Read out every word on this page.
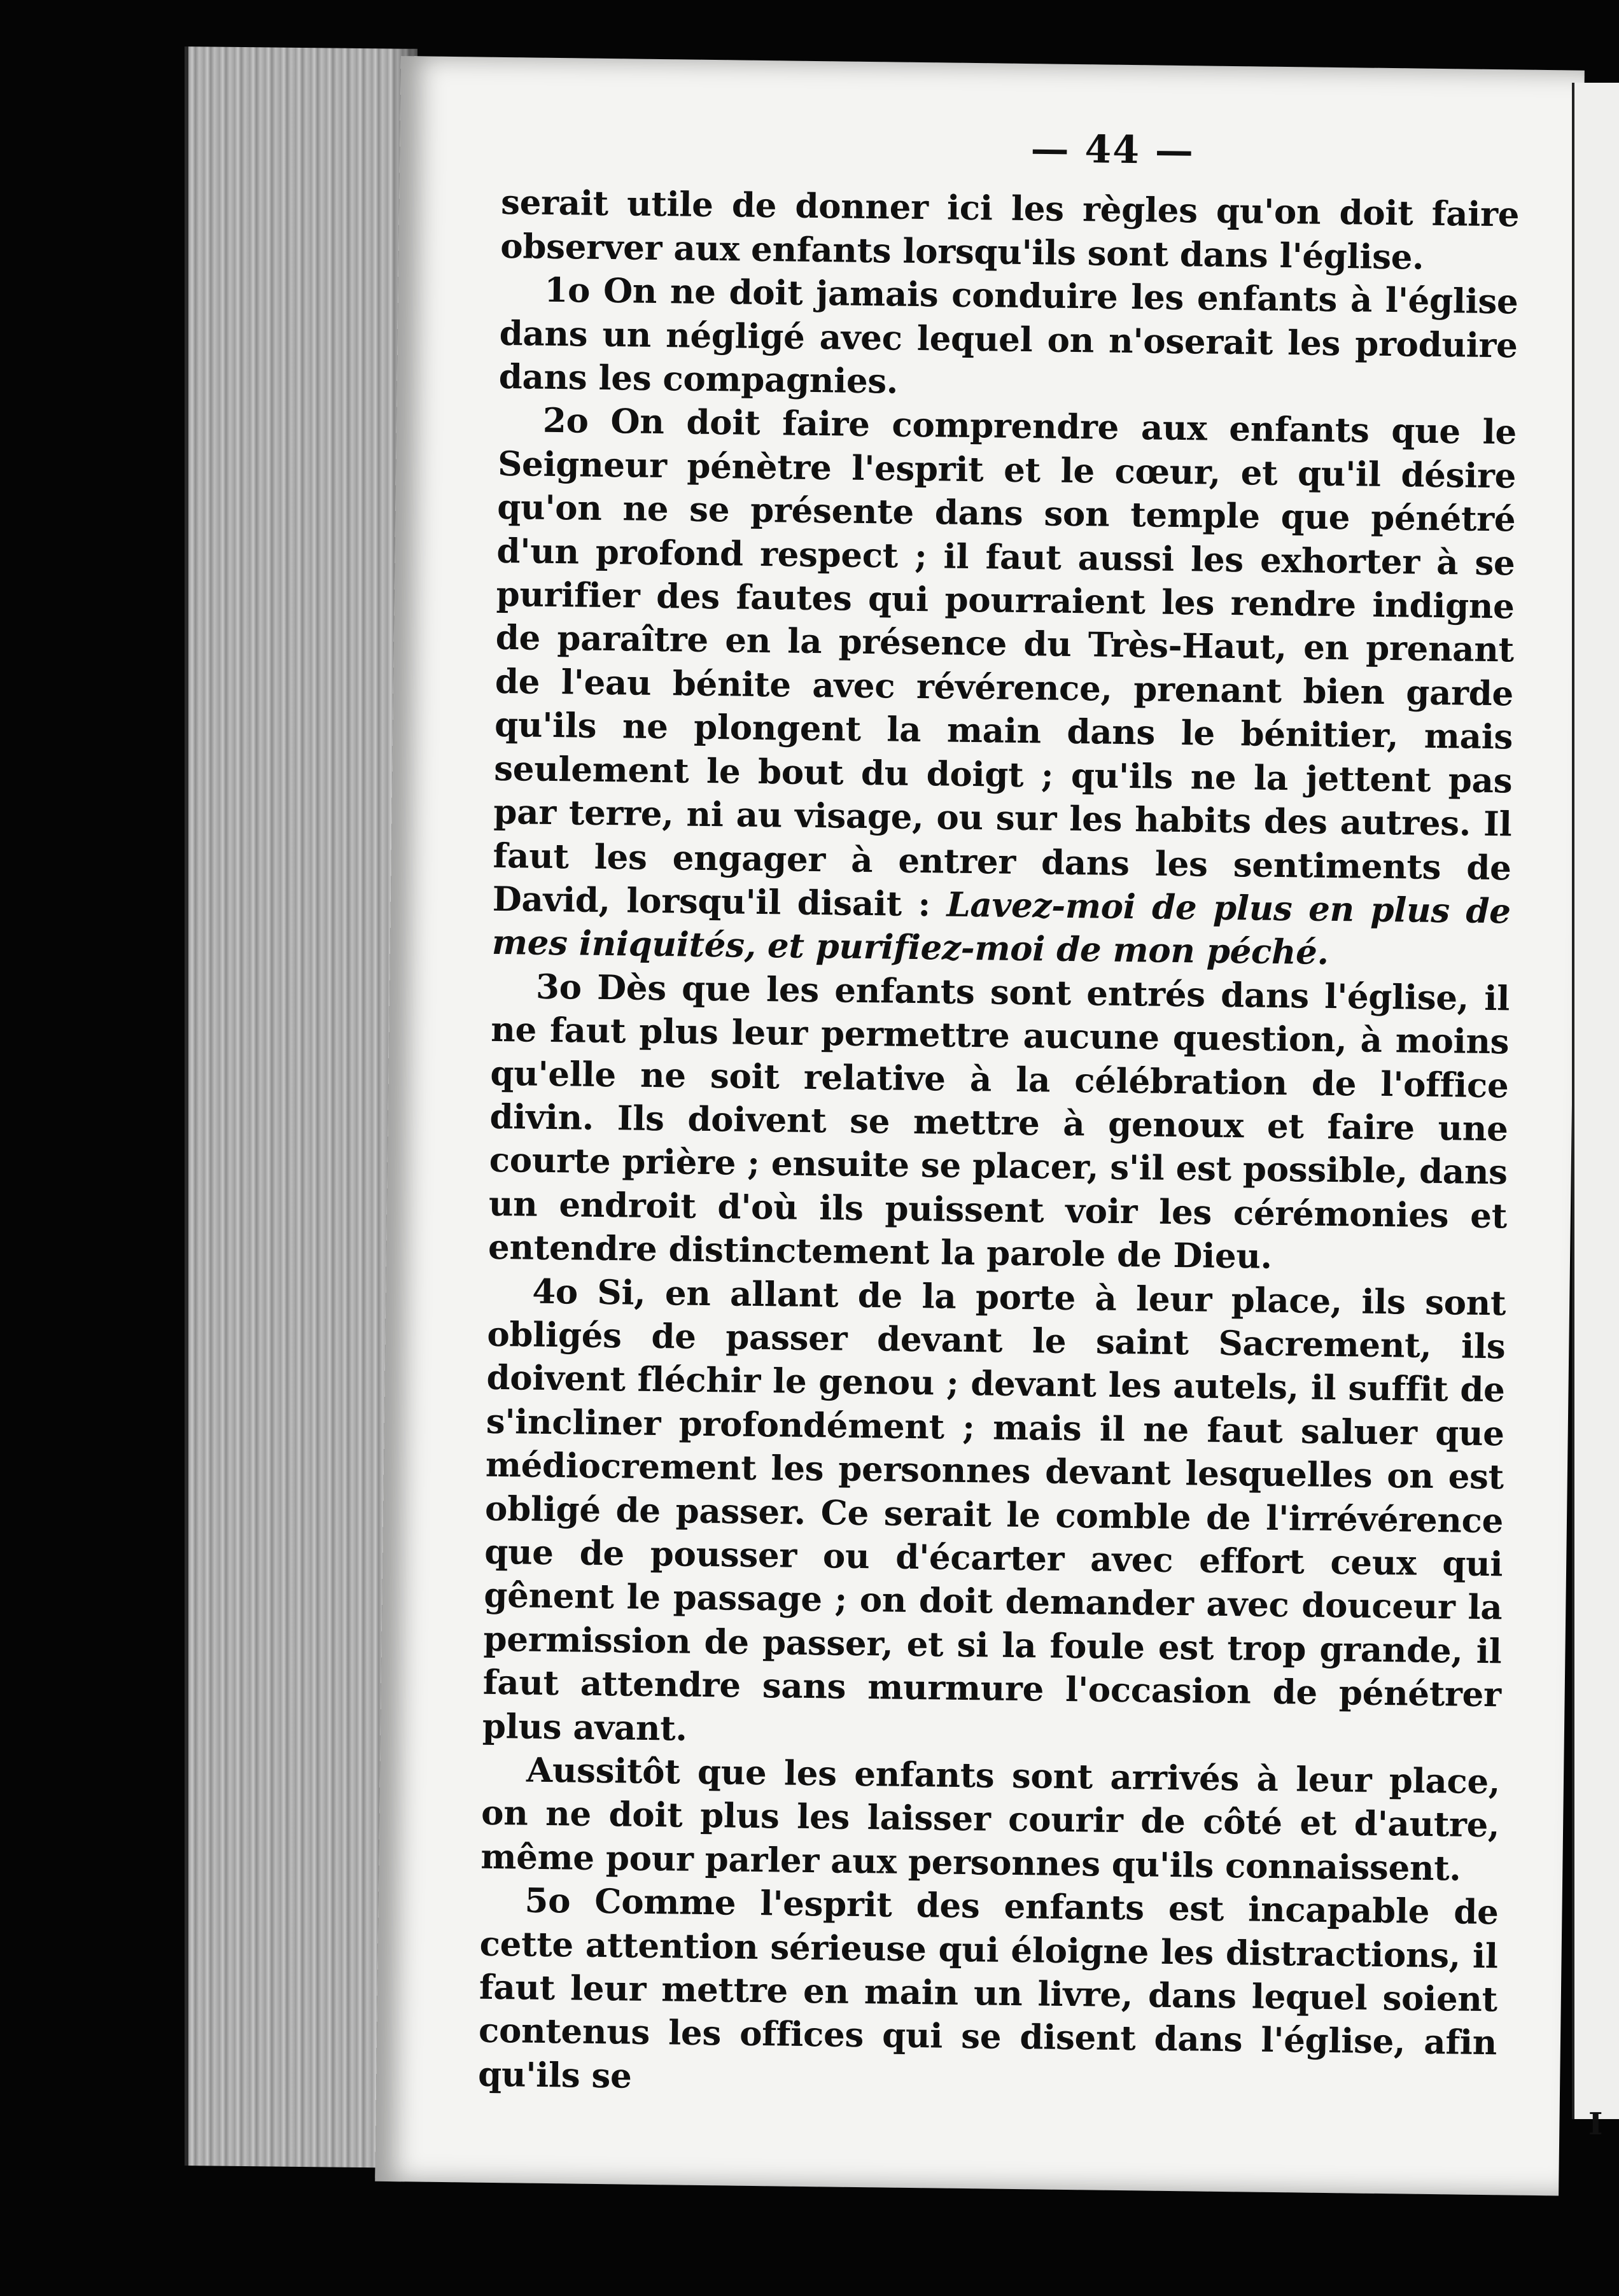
— 44 —

serait utile de donner ici les règles qu'on doit faire observer aux enfants lorsqu'ils sont dans l'église.

1o On ne doit jamais conduire les enfants à l'église dans un négligé avec lequel on n'oserait les produire dans les compagnies.

2o On doit faire comprendre aux enfants que le Seigneur pénètre l'esprit et le cœur, et qu'il désire qu'on ne se présente dans son temple que pénétré d'un profond respect ; il faut aussi les exhorter à se purifier des fautes qui pourraient les rendre indigne de paraître en la présence du Très-Haut, en prenant de l'eau bénite avec révérence, prenant bien garde qu'ils ne plongent la main dans le bénitier, mais seulement le bout du doigt ; qu'ils ne la jettent pas par terre, ni au visage, ou sur les habits des autres. Il faut les engager à entrer dans les sentiments de David, lorsqu'il disait : Lavez-moi de plus en plus de mes iniquités, et purifiez-moi de mon péché.

3o Dès que les enfants sont entrés dans l'église, il ne faut plus leur permettre aucune question, à moins qu'elle ne soit relative à la célébration de l'office divin. Ils doivent se mettre à genoux et faire une courte prière ; ensuite se placer, s'il est possible, dans un endroit d'où ils puissent voir les cérémonies et entendre distinctement la parole de Dieu.

4o Si, en allant de la porte à leur place, ils sont obligés de passer devant le saint Sacrement, ils doivent fléchir le genou ; devant les autels, il suffit de s'incliner profondément ; mais il ne faut saluer que médiocrement les personnes devant lesquelles on est obligé de passer. Ce serait le comble de l'irrévérence que de pousser ou d'écarter avec effort ceux qui gênent le passage ; on doit demander avec douceur la permission de passer, et si la foule est trop grande, il faut attendre sans murmure l'occasion de pénétrer plus avant.

Aussitôt que les enfants sont arrivés à leur place, on ne doit plus les laisser courir de côté et d'autre, même pour parler aux personnes qu'ils connaissent.

5o Comme l'esprit des enfants est incapable de cette attention sérieuse qui éloigne les distractions, il faut leur mettre en main un livre, dans lequel soient contenus les offices qui se disent dans l'église, afin qu'ils se

I
